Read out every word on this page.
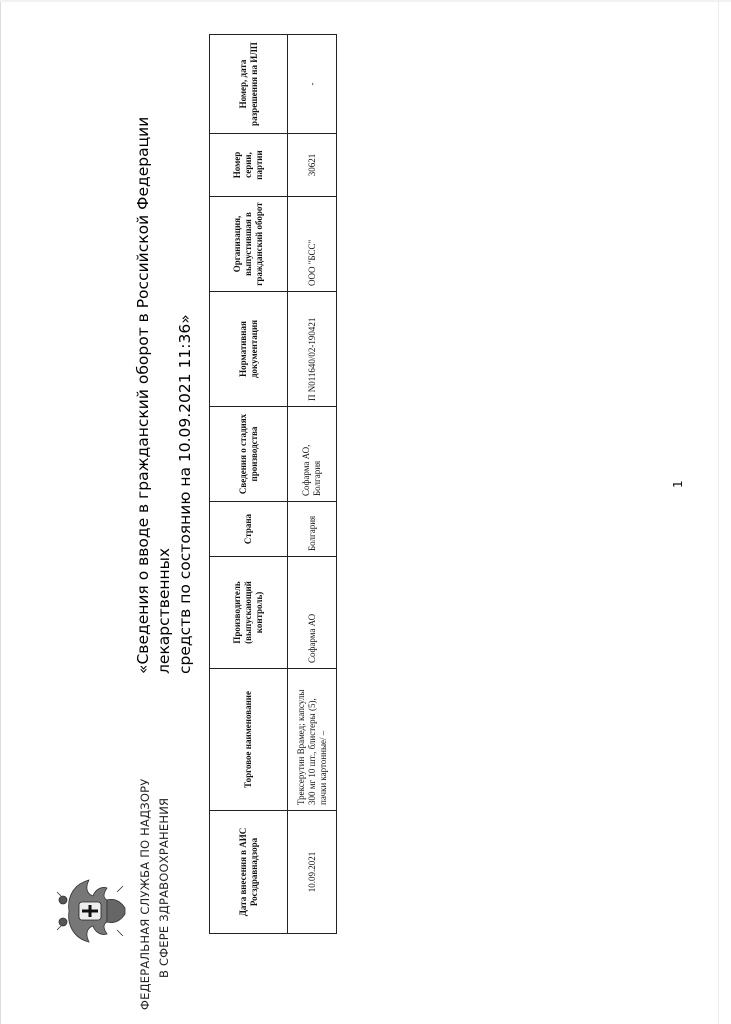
ФЕДЕРАЛЬНАЯ СЛУЖБА ПО НАДЗОРУ В СФЕРЕ ЗДРАВООХРАНЕНИЯ
«Сведения о вводе в гражданский оборот в Российской Федерации лекарственных средств по состоянию на 10.09.2021 11:36»
Дата внесения в АИС Росздравнадзора	Торговое наименование	Производитель (выпускающий контроль)	Страна	Сведения о стадиях производства	Нормативная документация	Организация, выпустившая в гражданский оборот	Номер серии, партии	Номер, дата разрешения на ИЛП
10.09.2021	Трексерутин Врамед; капсулы 300 мг 10 шт., блистеры (5), пачки картонные/ –	Софарма АО	Болгария	Софарма АО, Болгария	П N011640/02-190421	ООО "БСС"	30621	-
1
